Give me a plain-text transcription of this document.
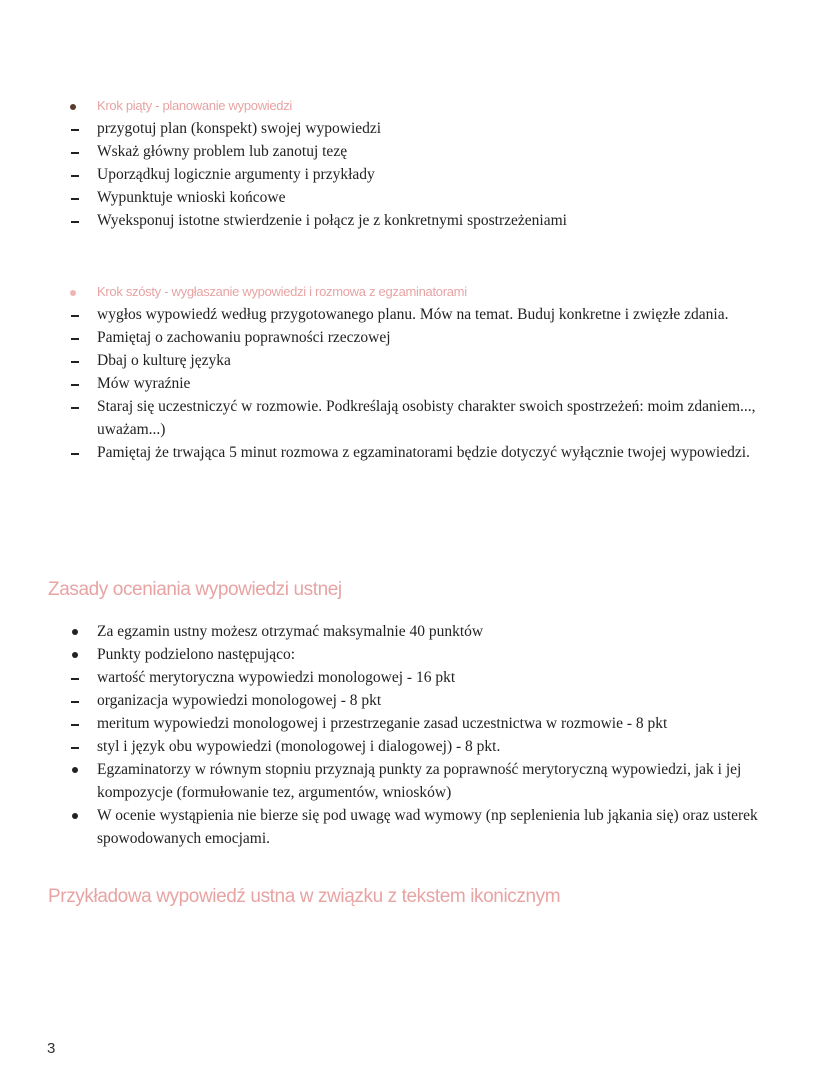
Krok piąty - planowanie wypowiedzi
przygotuj plan (konspekt) swojej wypowiedzi
Wskaż główny problem lub zanotuj tezę
Uporządkuj logicznie argumenty i przykłady
Wypunktuje wnioski końcowe
Wyeksponuj istotne stwierdzenie i połącz je z konkretnymi spostrzeżeniami
Krok szósty - wygłaszanie wypowiedzi i rozmowa z egzaminatorami
wygłos wypowiedź według przygotowanego planu. Mów na temat. Buduj konkretne i zwięzłe zdania.
Pamiętaj o zachowaniu poprawności rzeczowej
Dbaj o kulturę języka
Mów wyraźnie
Staraj się uczestniczyć w rozmowie. Podkreślają osobisty charakter swoich spostrzeżeń: moim zdaniem..., uważam...)
Pamiętaj że trwająca 5 minut rozmowa z egzaminatorami będzie dotyczyć wyłącznie twojej wypowiedzi.
Zasady oceniania wypowiedzi ustnej
Za egzamin ustny możesz otrzymać maksymalnie 40 punktów
Punkty podzielono następująco:
wartość merytoryczna wypowiedzi monologowej - 16 pkt
organizacja wypowiedzi monologowej - 8 pkt
meritum wypowiedzi monologowej i przestrzeganie zasad uczestnictwa w rozmowie - 8 pkt
styl i język obu wypowiedzi (monologowej i dialogowej) - 8 pkt.
Egzaminatorzy w równym stopniu przyznają punkty za poprawność merytoryczną wypowiedzi, jak i jej kompozycje (formułowanie tez, argumentów, wniosków)
W ocenie wystąpienia nie bierze się pod uwagę wad wymowy (np seplenienia lub jąkania się) oraz usterek spowodowanych emocjami.
Przykładowa wypowiedź ustna w związku z tekstem ikonicznym
3
